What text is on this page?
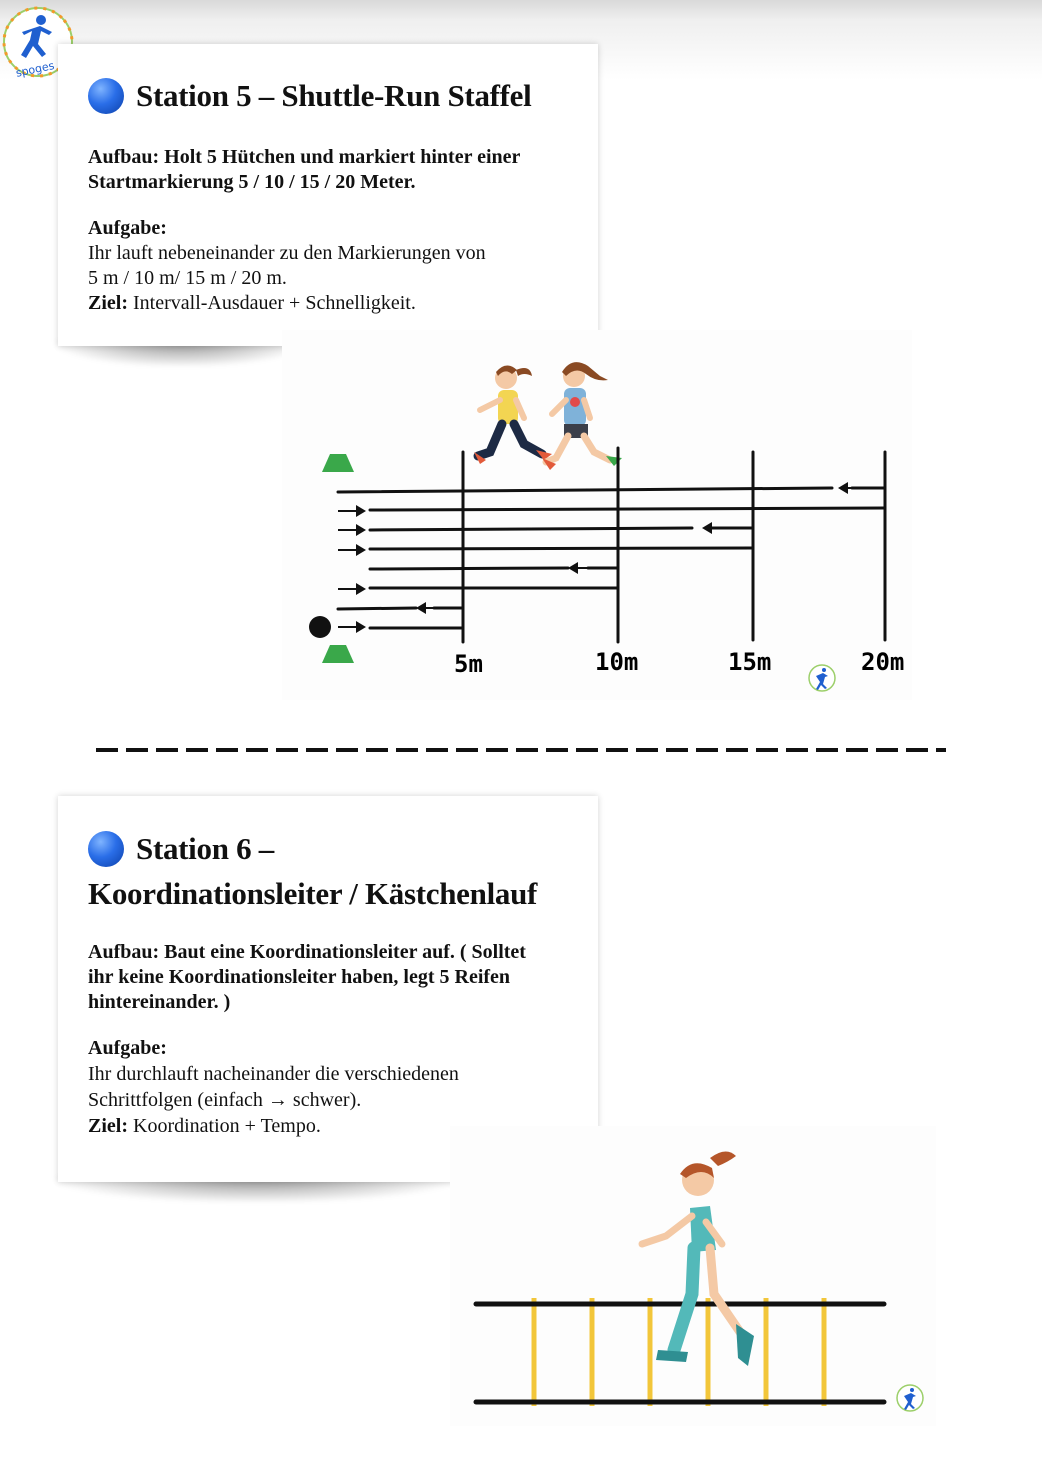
spoges
Station 5 – Shuttle-Run Staffel
Aufbau: Holt 5 Hütchen und markiert hinter einer
Startmarkierung 5 / 10 / 15 / 20 Meter.
Aufgabe:
Ihr lauft nebeneinander zu den Markierungen von
5 m / 10 m/ 15 m / 20 m.
Ziel: Intervall-Ausdauer + Schnelligkeit.
5m	10m	15m	20m
Station 6 –
Koordinationsleiter / Kästchenlauf
Aufbau: Baut eine Koordinationsleiter auf. ( Solltet
ihr keine Koordinationsleiter haben, legt 5 Reifen
hintereinander. )
Aufgabe:
Ihr durchlauft nacheinander die verschiedenen
Schrittfolgen (einfach → schwer).
Ziel: Koordination + Tempo.
